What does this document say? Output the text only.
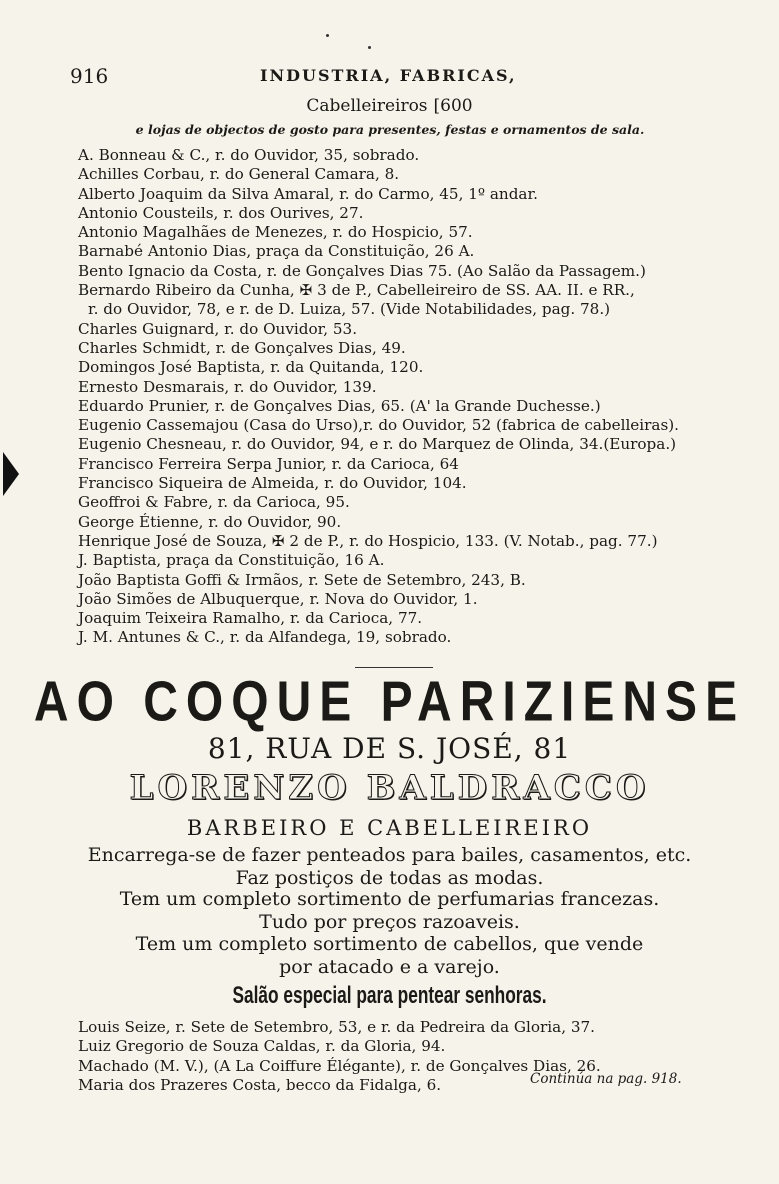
916	INDUSTRIA, FABRICAS,
Cabelleireiros [600
e lojas de objectos de gosto para presentes, festas e ornamentos de sala.
A. Bonneau & C., r. do Ouvidor, 35, sobrado.
Achilles Corbau, r. do General Camara, 8.
Alberto Joaquim da Silva Amaral, r. do Carmo, 45, 1º andar.
Antonio Cousteils, r. dos Ourives, 27.
Antonio Magalhães de Menezes, r. do Hospicio, 57.
Barnabé Antonio Dias, praça da Constituição, 26 A.
Bento Ignacio da Costa, r. de Gonçalves Dias 75. (Ao Salão da Passagem.)
Bernardo Ribeiro da Cunha, ✠ 3 de P., Cabelleireiro de SS. AA. II. e RR.,
r. do Ouvidor, 78, e r. de D. Luiza, 57. (Vide Notabilidades, pag. 78.)
Charles Guignard, r. do Ouvidor, 53.
Charles Schmidt, r. de Gonçalves Dias, 49.
Domingos José Baptista, r. da Quitanda, 120.
Ernesto Desmarais, r. do Ouvidor, 139.
Eduardo Prunier, r. de Gonçalves Dias, 65. (A' la Grande Duchesse.)
Eugenio Cassemajou (Casa do Urso),r. do Ouvidor, 52 (fabrica de cabelleiras).
Eugenio Chesneau, r. do Ouvidor, 94, e r. do Marquez de Olinda, 34.(Europa.)
Francisco Ferreira Serpa Junior, r. da Carioca, 64
Francisco Siqueira de Almeida, r. do Ouvidor, 104.
Geoffroi & Fabre, r. da Carioca, 95.
George Étienne, r. do Ouvidor, 90.
Henrique José de Souza, ✠ 2 de P., r. do Hospicio, 133. (V. Notab., pag. 77.)
J. Baptista, praça da Constituição, 16 A.
João Baptista Goffi & Irmãos, r. Sete de Setembro, 243, B.
João Simões de Albuquerque, r. Nova do Ouvidor, 1.
Joaquim Teixeira Ramalho, r. da Carioca, 77.
J. M. Antunes & C., r. da Alfandega, 19, sobrado.
AO COQUE PARIZIENSE
81, RUA DE S. JOSÉ, 81
LORENZO BALDRACCO
BARBEIRO E CABELLEIREIRO
Encarrega-se de fazer penteados para bailes, casamentos, etc.
Faz postiços de todas as modas.
Tem um completo sortimento de perfumarias francezas.
Tudo por preços razoaveis.
Tem um completo sortimento de cabellos, que vende
por atacado e a varejo.
Salão especial para pentear senhoras.
Louis Seize, r. Sete de Setembro, 53, e r. da Pedreira da Gloria, 37.
Luiz Gregorio de Souza Caldas, r. da Gloria, 94.
Machado (M. V.), (A La Coiffure Élégante), r. de Gonçalves Dias, 26.
Maria dos Prazeres Costa, becco da Fidalga, 6.	Continúa na pag. 918.
